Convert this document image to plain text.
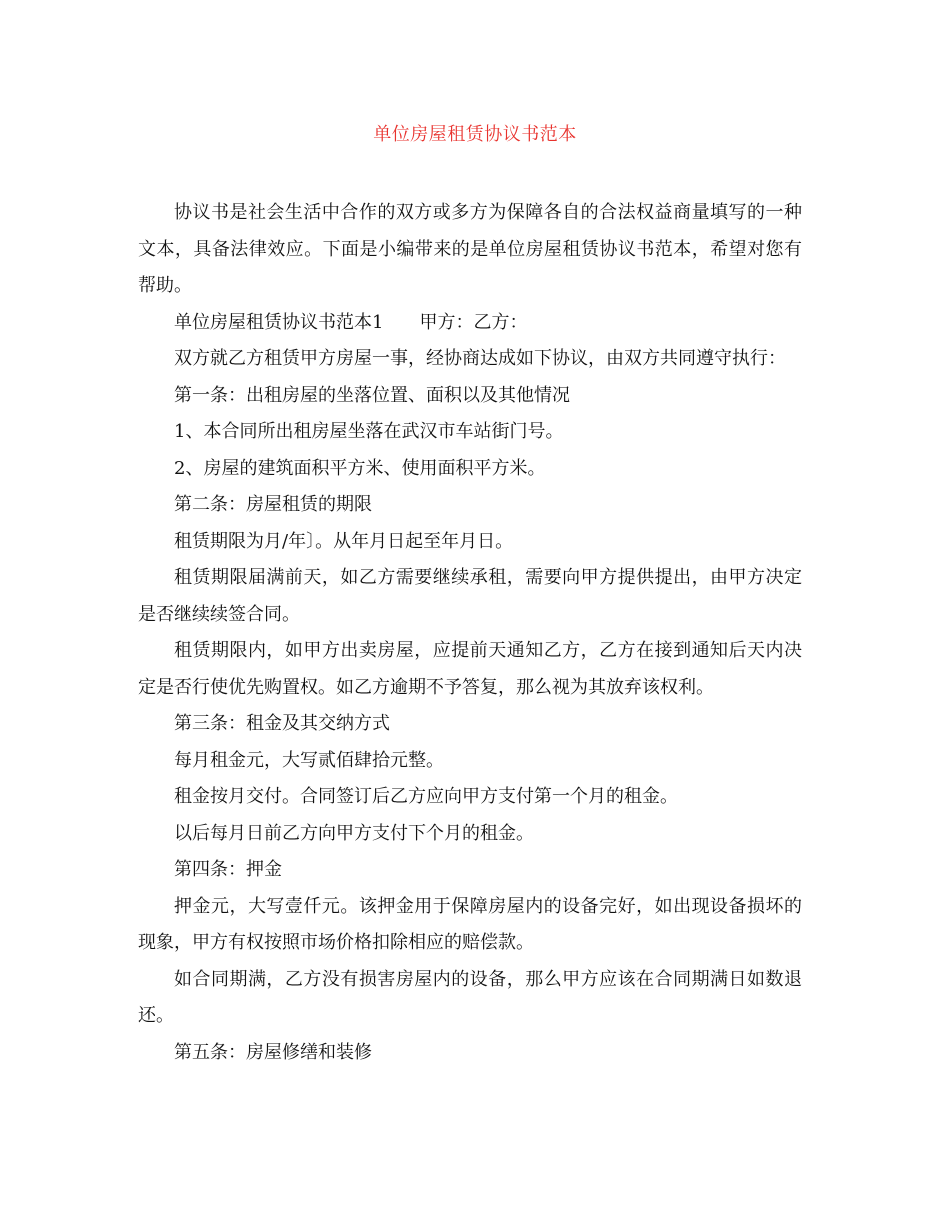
单位房屋租赁协议书范本

协议书是社会生活中合作的双方或多方为保障各自的合法权益商量填写的一种文本，具备法律效应。下面是小编带来的是单位房屋租赁协议书范本，希望对您有帮助。

单位房屋租赁协议书范本1 甲方：乙方：

双方就乙方租赁甲方房屋一事，经协商达成如下协议，由双方共同遵守执行：

第一条：出租房屋的坐落位置、面积以及其他情况

1、本合同所出租房屋坐落在武汉市车站街门号。

2、房屋的建筑面积平方米、使用面积平方米。

第二条：房屋租赁的期限

租赁期限为月/年〕。从年月日起至年月日。

租赁期限届满前天，如乙方需要继续承租，需要向甲方提供提出，由甲方决定是否继续续签合同。

租赁期限内，如甲方出卖房屋，应提前天通知乙方，乙方在接到通知后天内决定是否行使优先购置权。如乙方逾期不予答复，那么视为其放弃该权利。

第三条：租金及其交纳方式

每月租金元，大写贰佰肆拾元整。

租金按月交付。合同签订后乙方应向甲方支付第一个月的租金。

以后每月日前乙方向甲方支付下个月的租金。

第四条：押金

押金元，大写壹仟元。该押金用于保障房屋内的设备完好，如出现设备损坏的现象，甲方有权按照市场价格扣除相应的赔偿款。

如合同期满，乙方没有损害房屋内的设备，那么甲方应该在合同期满日如数退还。

第五条：房屋修缮和装修
